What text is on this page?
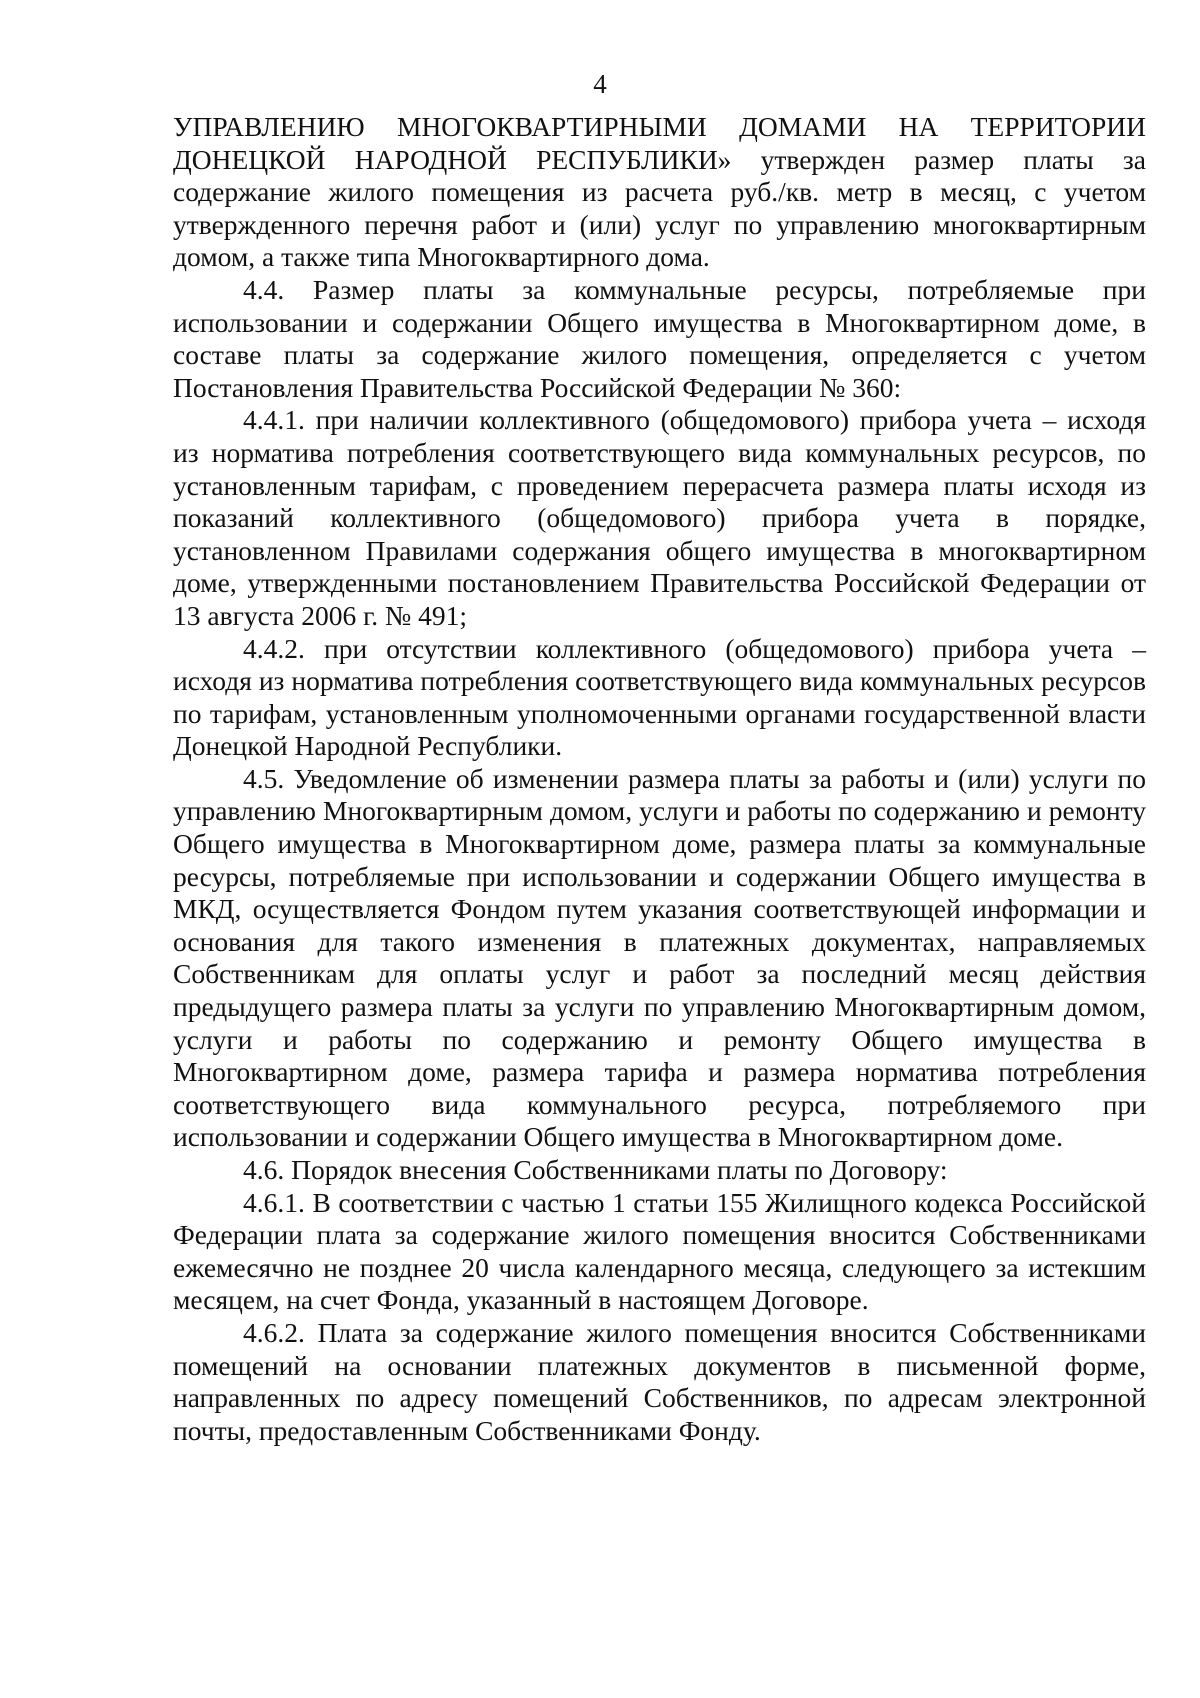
4

УПРАВЛЕНИЮ МНОГОКВАРТИРНЫМИ ДОМАМИ НА ТЕРРИТОРИИ ДОНЕЦКОЙ НАРОДНОЙ РЕСПУБЛИКИ» утвержден размер платы за содержание жилого помещения из расчета руб./кв. метр в месяц, с учетом утвержденного перечня работ и (или) услуг по управлению многоквартирным домом, а также типа Многоквартирного дома.

4.4. Размер платы за коммунальные ресурсы, потребляемые при использовании и содержании Общего имущества в Многоквартирном доме, в составе платы за содержание жилого помещения, определяется с учетом Постановления Правительства Российской Федерации № 360:

4.4.1. при наличии коллективного (общедомового) прибора учета – исходя из норматива потребления соответствующего вида коммунальных ресурсов, по установленным тарифам, с проведением перерасчета размера платы исходя из показаний коллективного (общедомового) прибора учета в порядке, установленном Правилами содержания общего имущества в многоквартирном доме, утвержденными постановлением Правительства Российской Федерации от 13 августа 2006 г. № 491;

4.4.2. при отсутствии коллективного (общедомового) прибора учета – исходя из норматива потребления соответствующего вида коммунальных ресурсов по тарифам, установленным уполномоченными органами государственной власти Донецкой Народной Республики.

4.5. Уведомление об изменении размера платы за работы и (или) услуги по управлению Многоквартирным домом, услуги и работы по содержанию и ремонту Общего имущества в Многоквартирном доме, размера платы за коммунальные ресурсы, потребляемые при использовании и содержании Общего имущества в МКД, осуществляется Фондом путем указания соответствующей информации и основания для такого изменения в платежных документах, направляемых Собственникам для оплаты услуг и работ за последний месяц действия предыдущего размера платы за услуги по управлению Многоквартирным домом, услуги и работы по содержанию и ремонту Общего имущества в Многоквартирном доме, размера тарифа и размера норматива потребления соответствующего вида коммунального ресурса, потребляемого при использовании и содержании Общего имущества в Многоквартирном доме.

4.6. Порядок внесения Собственниками платы по Договору:

4.6.1. В соответствии с частью 1 статьи 155 Жилищного кодекса Российской Федерации плата за содержание жилого помещения вносится Собственниками ежемесячно не позднее 20 числа календарного месяца, следующего за истекшим месяцем, на счет Фонда, указанный в настоящем Договоре.

4.6.2. Плата за содержание жилого помещения вносится Собственниками помещений на основании платежных документов в письменной форме, направленных по адресу помещений Собственников, по адресам электронной почты, предоставленным Собственниками Фонду.
